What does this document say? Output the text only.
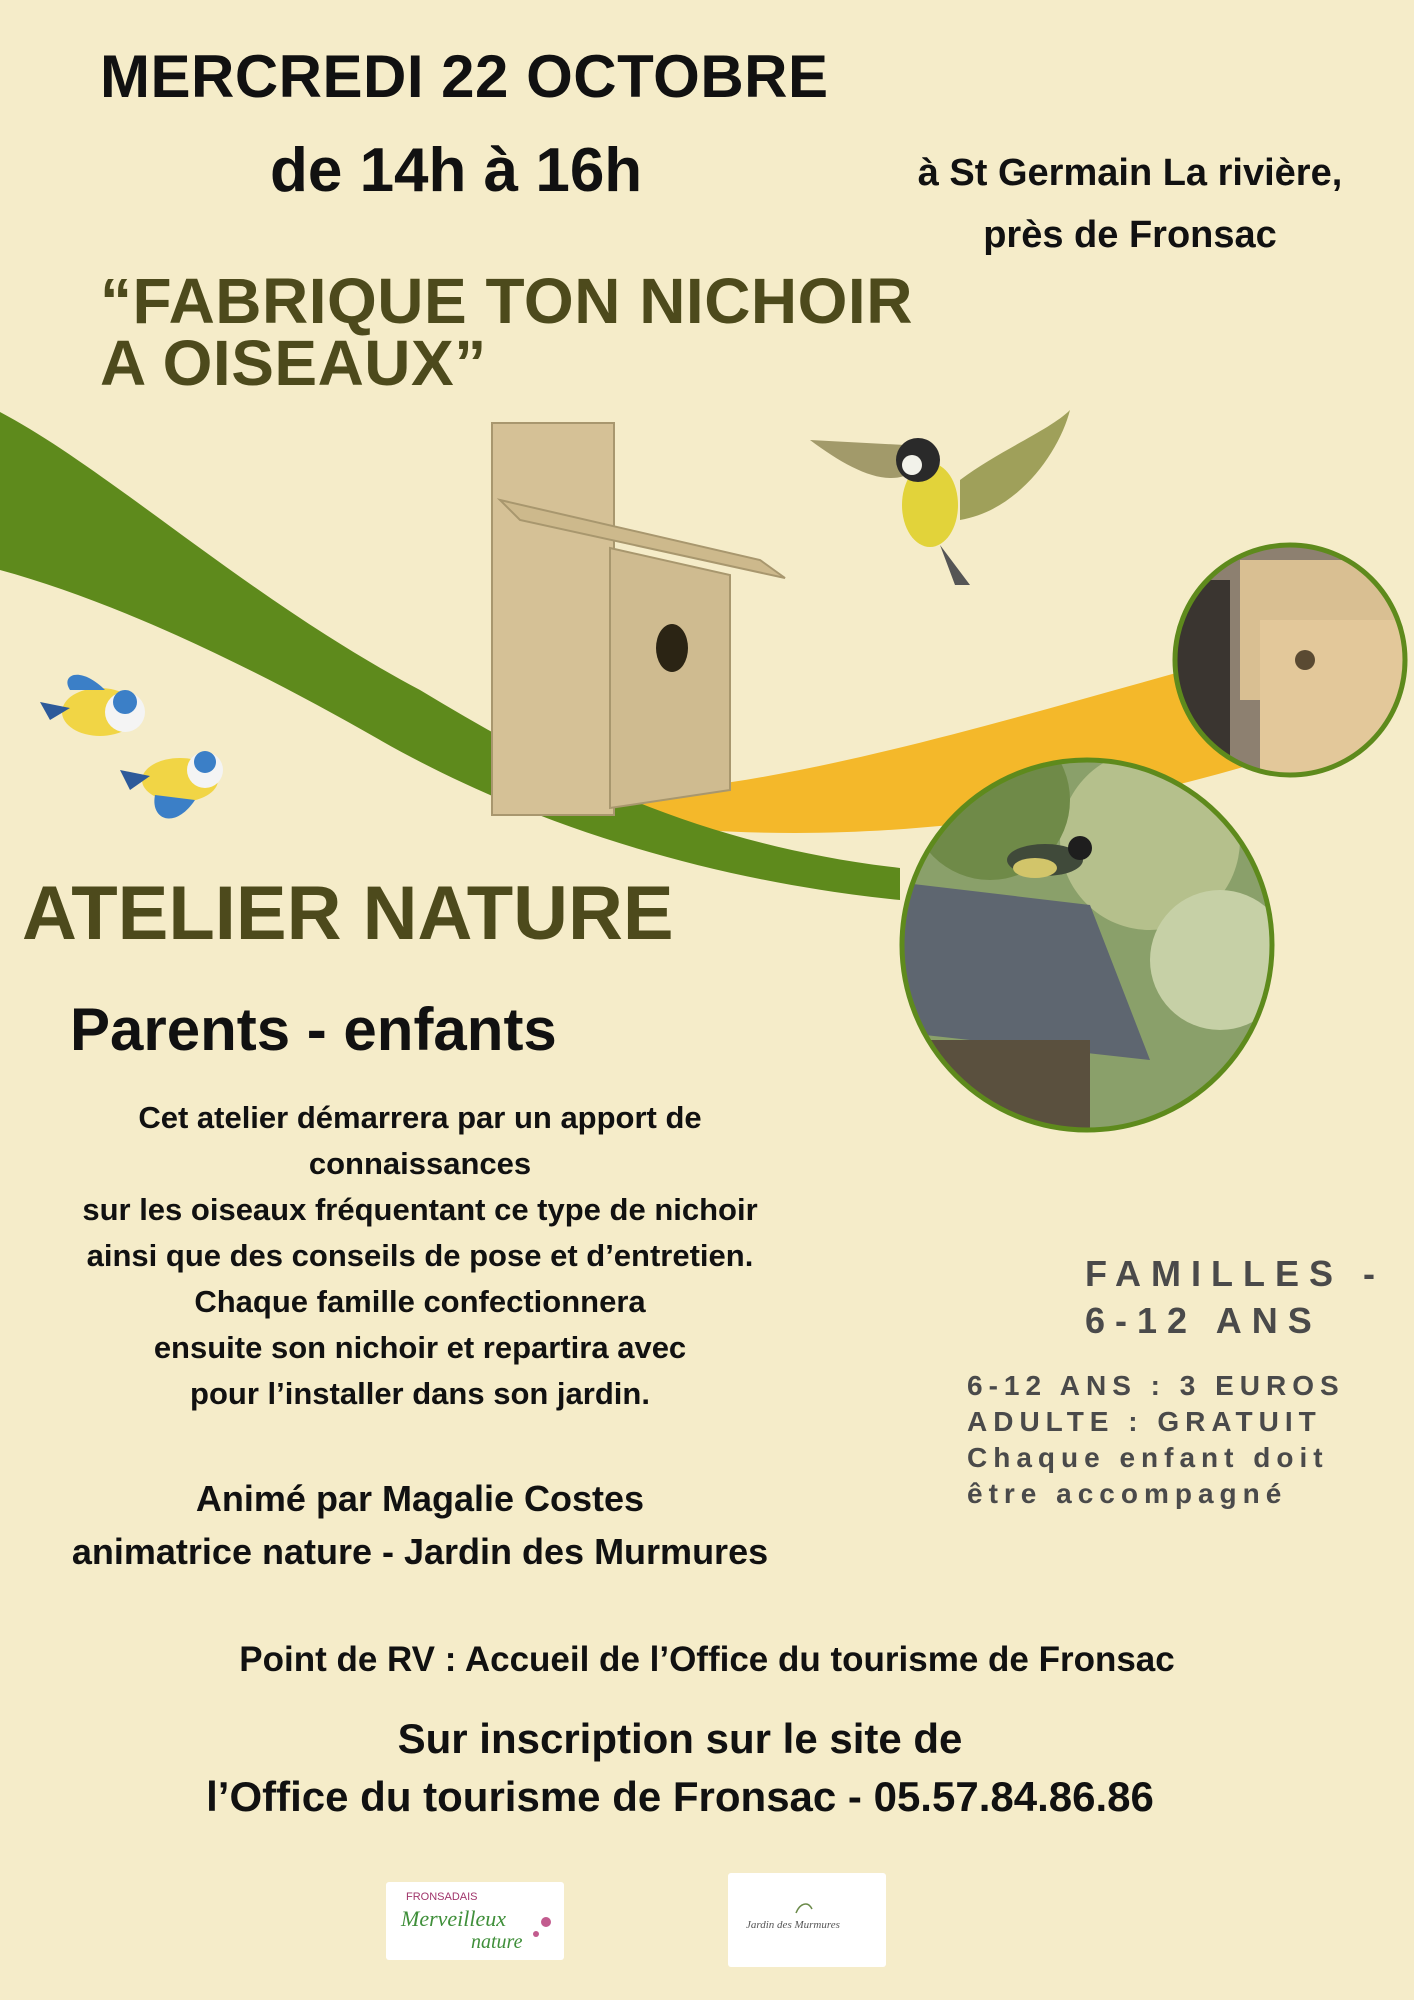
MERCREDI 22 OCTOBRE
de 14h à 16h	à St Germain La rivière,
près de Fronsac
“FABRIQUE TON NICHOIR
A OISEAUX”
ATELIER NATURE
Parents - enfants
Cet atelier démarrera par un apport de
connaissances
sur les oiseaux fréquentant ce type de nichoir
ainsi que des conseils de pose et d’entretien.
Chaque famille confectionnera
ensuite son nichoir et repartira avec
pour l’installer dans son jardin.
Animé par Magalie Costes
animatrice nature - Jardin des Murmures
FAMILLES -
6-12 ANS
6-12 ANS : 3 EUROS
ADULTE : GRATUIT
Chaque enfant doit
être accompagné
Point de RV : Accueil de l’Office du tourisme de Fronsac
Sur inscription sur le site de
l’Office du tourisme de Fronsac - 05.57.84.86.86
FRONSADAIS
Merveilleux
nature
Jardin des Murmures
